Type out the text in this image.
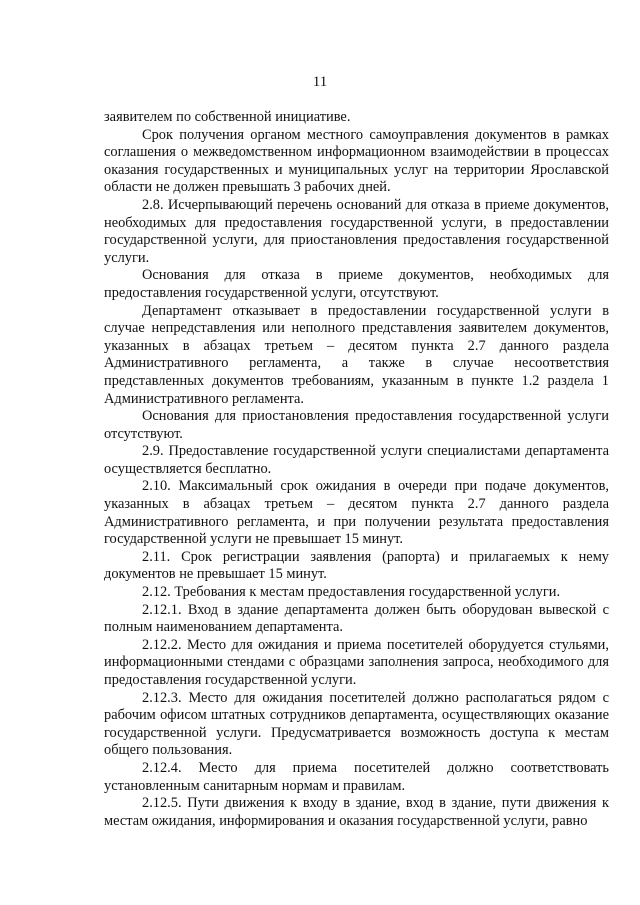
11

заявителем по собственной инициативе.

Срок получения органом местного самоуправления документов в рамках соглашения о межведомственном информационном взаимодействии в процессах оказания государственных и муниципальных услуг на территории Ярославской области не должен превышать 3 рабочих дней.

2.8. Исчерпывающий перечень оснований для отказа в приеме документов, необходимых для предоставления государственной услуги, в предоставлении государственной услуги, для приостановления предоставления государственной услуги.

Основания для отказа в приеме документов, необходимых для предоставления государственной услуги, отсутствуют.

Департамент отказывает в предоставлении государственной услуги в случае непредставления или неполного представления заявителем документов, указанных в абзацах третьем – десятом пункта 2.7 данного раздела Административного регламента, а также в случае несоответствия представленных документов требованиям, указанным в пункте 1.2 раздела 1 Административного регламента.

Основания для приостановления предоставления государственной услуги отсутствуют.

2.9. Предоставление государственной услуги специалистами департамента осуществляется бесплатно.

2.10. Максимальный срок ожидания в очереди при подаче документов, указанных в абзацах третьем – десятом пункта 2.7 данного раздела Административного регламента, и при получении результата предоставления государственной услуги не превышает 15 минут.

2.11. Срок регистрации заявления (рапорта) и прилагаемых к нему документов не превышает 15 минут.

2.12. Требования к местам предоставления государственной услуги.

2.12.1. Вход в здание департамента должен быть оборудован вывеской с полным наименованием департамента.

2.12.2. Место для ожидания и приема посетителей оборудуется стульями, информационными стендами с образцами заполнения запроса, необходимого для предоставления государственной услуги.

2.12.3. Место для ожидания посетителей должно располагаться рядом с рабочим офисом штатных сотрудников департамента, осуществляющих оказание государственной услуги. Предусматривается возможность доступа к местам общего пользования.

2.12.4. Место для приема посетителей должно соответствовать установленным санитарным нормам и правилам.

2.12.5. Пути движения к входу в здание, вход в здание, пути движения к местам ожидания, информирования и оказания государственной услуги, равно
